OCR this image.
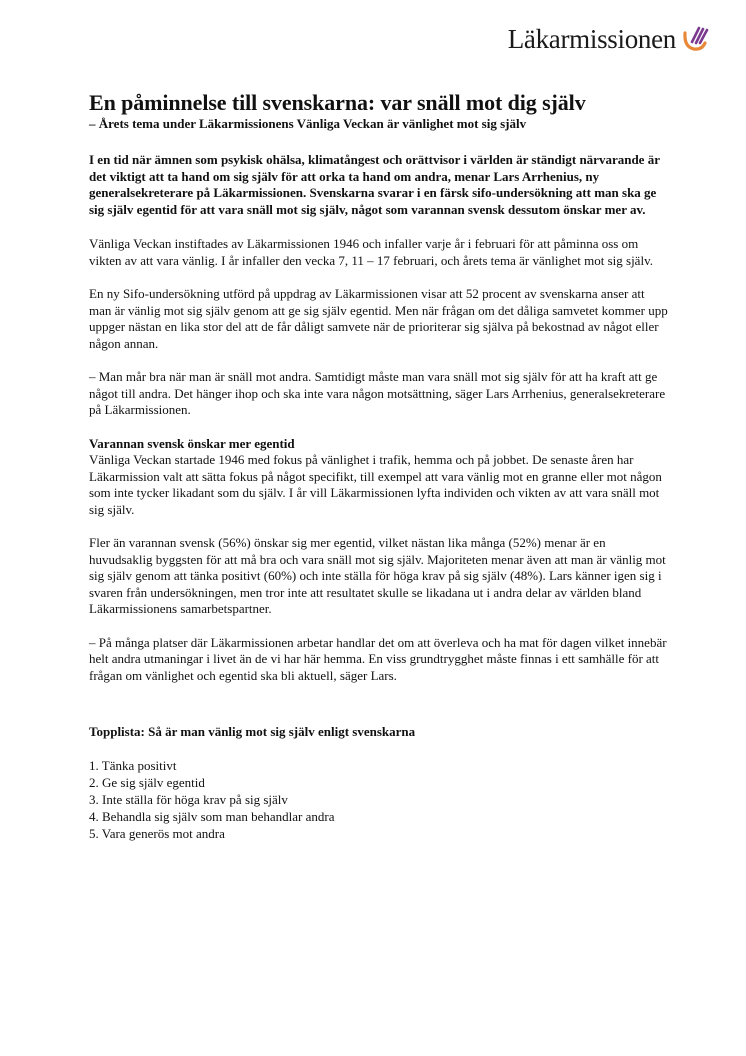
Läkarmissionen
En påminnelse till svenskarna: var snäll mot dig själv
– Årets tema under Läkarmissionens Vänliga Veckan är vänlighet mot sig själv

I en tid när ämnen som psykisk ohälsa, klimatångest och orättvisor i världen är ständigt närvarande är det viktigt att ta hand om sig själv för att orka ta hand om andra, menar Lars Arrhenius, ny generalsekreterare på Läkarmissionen. Svenskarna svarar i en färsk sifo-undersökning att man ska ge sig själv egentid för att vara snäll mot sig själv, något som varannan svensk dessutom önskar mer av.

Vänliga Veckan instiftades av Läkarmissionen 1946 och infaller varje år i februari för att påminna oss om vikten av att vara vänlig. I år infaller den vecka 7, 11 – 17 februari, och årets tema är vänlighet mot sig själv.

En ny Sifo-undersökning utförd på uppdrag av Läkarmissionen visar att 52 procent av svenskarna anser att man är vänlig mot sig själv genom att ge sig själv egentid. Men när frågan om det dåliga samvetet kommer upp uppger nästan en lika stor del att de får dåligt samvete när de prioriterar sig själva på bekostnad av något eller någon annan.

– Man mår bra när man är snäll mot andra. Samtidigt måste man vara snäll mot sig själv för att ha kraft att ge något till andra. Det hänger ihop och ska inte vara någon motsättning, säger Lars Arrhenius, generalsekreterare på Läkarmissionen.

Varannan svensk önskar mer egentid

Vänliga Veckan startade 1946 med fokus på vänlighet i trafik, hemma och på jobbet. De senaste åren har Läkarmission valt att sätta fokus på något specifikt, till exempel att vara vänlig mot en granne eller mot någon som inte tycker likadant som du själv. I år vill Läkarmissionen lyfta individen och vikten av att vara snäll mot sig själv.

Fler än varannan svensk (56%) önskar sig mer egentid, vilket nästan lika många (52%) menar är en huvudsaklig byggsten för att må bra och vara snäll mot sig själv. Majoriteten menar även att man är vänlig mot sig själv genom att tänka positivt (60%) och inte ställa för höga krav på sig själv (48%). Lars känner igen sig i svaren från undersökningen, men tror inte att resultatet skulle se likadana ut i andra delar av världen bland Läkarmissionens samarbetspartner.

– På många platser där Läkarmissionen arbetar handlar det om att överleva och ha mat för dagen vilket innebär helt andra utmaningar i livet än de vi har här hemma. En viss grundtrygghet måste finnas i ett samhälle för att frågan om vänlighet och egentid ska bli aktuell, säger Lars.

Topplista: Så är man vänlig mot sig själv enligt svenskarna
1. Tänka positivt
2. Ge sig själv egentid
3. Inte ställa för höga krav på sig själv
4. Behandla sig själv som man behandlar andra
5. Vara generös mot andra
